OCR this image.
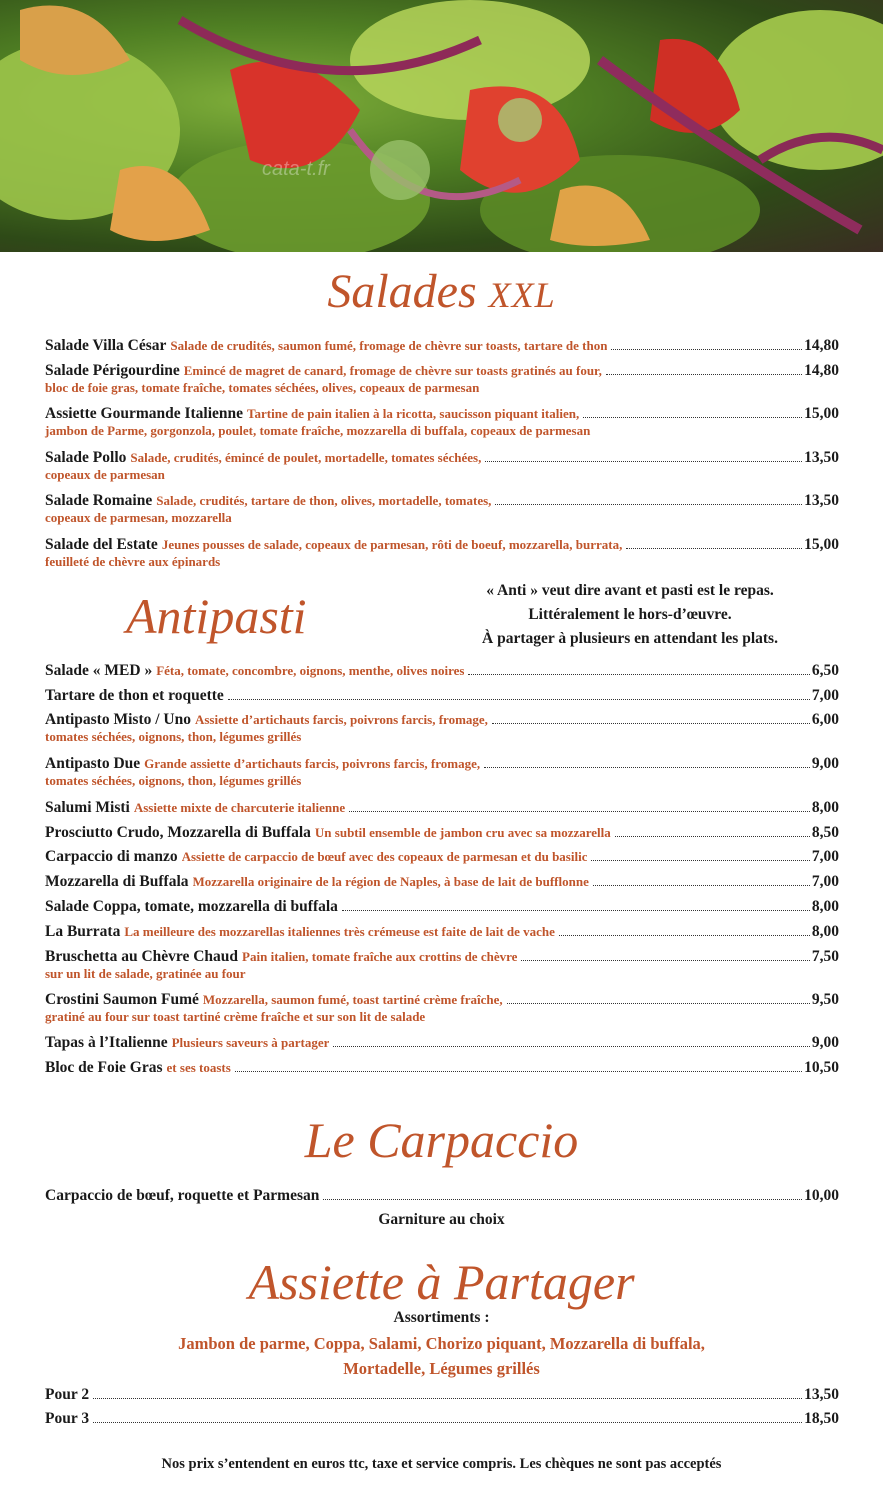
cata-t.fr
Salades XXL
Salade Villa César Salade de crudités, saumon fumé, fromage de chèvre sur toasts, tartare de thon	14,80
Salade Périgourdine Emincé de magret de canard, fromage de chèvre sur toasts gratinés au four,	14,80
bloc de foie gras, tomate fraîche, tomates séchées, olives, copeaux de parmesan
Assiette Gourmande Italienne Tartine de pain italien à la ricotta, saucisson piquant italien,	15,00
jambon de Parme, gorgonzola, poulet, tomate fraîche, mozzarella di buffala, copeaux de parmesan
Salade Pollo Salade, crudités, émincé de poulet, mortadelle, tomates séchées,	13,50
copeaux de parmesan
Salade Romaine Salade, crudités, tartare de thon, olives, mortadelle, tomates,	13,50
copeaux de parmesan, mozzarella
Salade del Estate Jeunes pousses de salade, copeaux de parmesan, rôti de boeuf, mozzarella, burrata,	15,00
feuilleté de chèvre aux épinards
Antipasti	« Anti » veut dire avant et pasti est le repas.
Littéralement le hors-d’œuvre.
À partager à plusieurs en attendant les plats.
Salade « MED » Féta, tomate, concombre, oignons, menthe, olives noires	6,50
Tartare de thon et roquette	7,00
Antipasto Misto / Uno Assiette d’artichauts farcis, poivrons farcis, fromage,	6,00
tomates séchées, oignons, thon, légumes grillés
Antipasto Due Grande assiette d’artichauts farcis, poivrons farcis, fromage,	9,00
tomates séchées, oignons, thon, légumes grillés
Salumi Misti Assiette mixte de charcuterie italienne	8,00
Prosciutto Crudo, Mozzarella di Buffala Un subtil ensemble de jambon cru avec sa mozzarella	8,50
Carpaccio di manzo Assiette de carpaccio de bœuf avec des copeaux de parmesan et du basilic	7,00
Mozzarella di Buffala Mozzarella originaire de la région de Naples, à base de lait de bufflonne	7,00
Salade Coppa, tomate, mozzarella di buffala	8,00
La Burrata La meilleure des mozzarellas italiennes très crémeuse est faite de lait de vache	8,00
Bruschetta au Chèvre Chaud Pain italien, tomate fraîche aux crottins de chèvre	7,50
sur un lit de salade, gratinée au four
Crostini Saumon Fumé Mozzarella, saumon fumé, toast tartiné crème fraîche,	9,50
gratiné au four sur toast tartiné crème fraîche et sur son lit de salade
Tapas à l’Italienne Plusieurs saveurs à partager	9,00
Bloc de Foie Gras et ses toasts	10,50
Le Carpaccio
Carpaccio de bœuf, roquette et Parmesan	10,00
Garniture au choix
Assiette à Partager
Assortiments :
Jambon de parme, Coppa, Salami, Chorizo piquant, Mozzarella di buffala,
Mortadelle, Légumes grillés
Pour 2	13,50
Pour 3	18,50
Nos prix s’entendent en euros ttc, taxe et service compris. Les chèques ne sont pas acceptés
